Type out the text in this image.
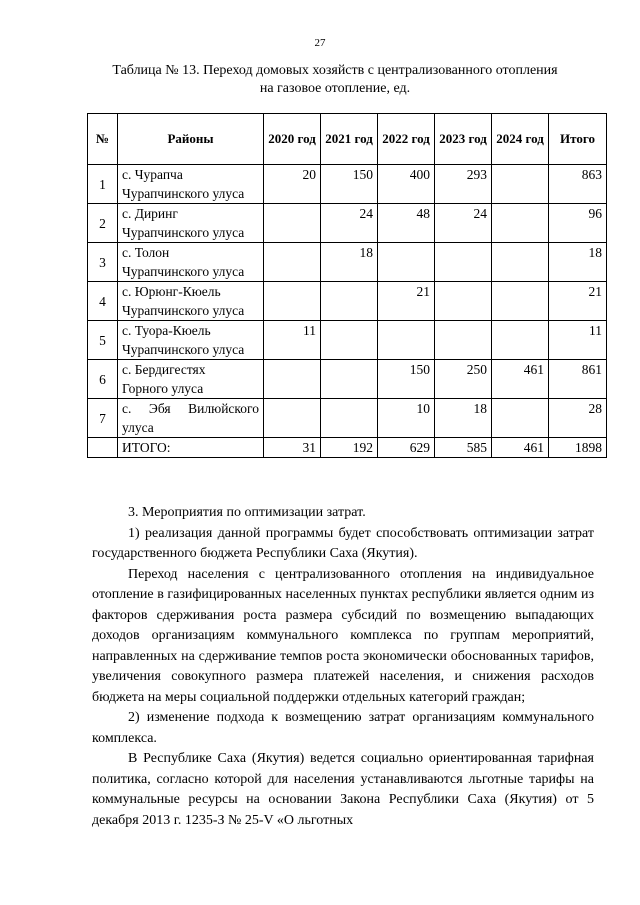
27
Таблица № 13. Переход домовых хозяйств с централизованного отопления
на газовое отопление, ед.
№	Районы	2020 год	2021 год	2022 год	2023 год	2024 год	Итого
1	с. Чурапча
Чурапчинского улуса	20	150	400	293		863
2	с. Диринг
Чурапчинского улуса		24	48	24		96
3	с. Толон
Чурапчинского улуса		18				18
4	с. Юрюнг-Кюель
Чурапчинского улуса			21			21
5	с. Туора-Кюель
Чурапчинского улуса	11					11
6	с. Бердигестях
Горного улуса			150	250	461	861
7	с. Эбя Вилюйского
улуса			10	18		28
	ИТОГО:	31	192	629	585	461	1898

3. Мероприятия по оптимизации затрат.

1) реализация данной программы будет способствовать оптимизации затрат государственного бюджета Республики Саха (Якутия).

Переход населения с централизованного отопления на индивидуальное отопление в газифицированных населенных пунктах республики является одним из факторов сдерживания роста размера субсидий по возмещению выпадающих доходов организациям коммунального комплекса по группам мероприятий, направленных на сдерживание темпов роста экономически обоснованных тарифов, увеличения совокупного размера платежей населения, и снижения расходов бюджета на меры социальной поддержки отдельных категорий граждан;

2) изменение подхода к возмещению затрат организациям коммунального комплекса.

В Республике Саха (Якутия) ведется социально ориентированная тарифная политика, согласно которой для населения устанавливаются льготные тарифы на коммунальные ресурсы на основании Закона Республики Саха (Якутия) от 5 декабря 2013 г. 1235-З № 25-V «О льготных
